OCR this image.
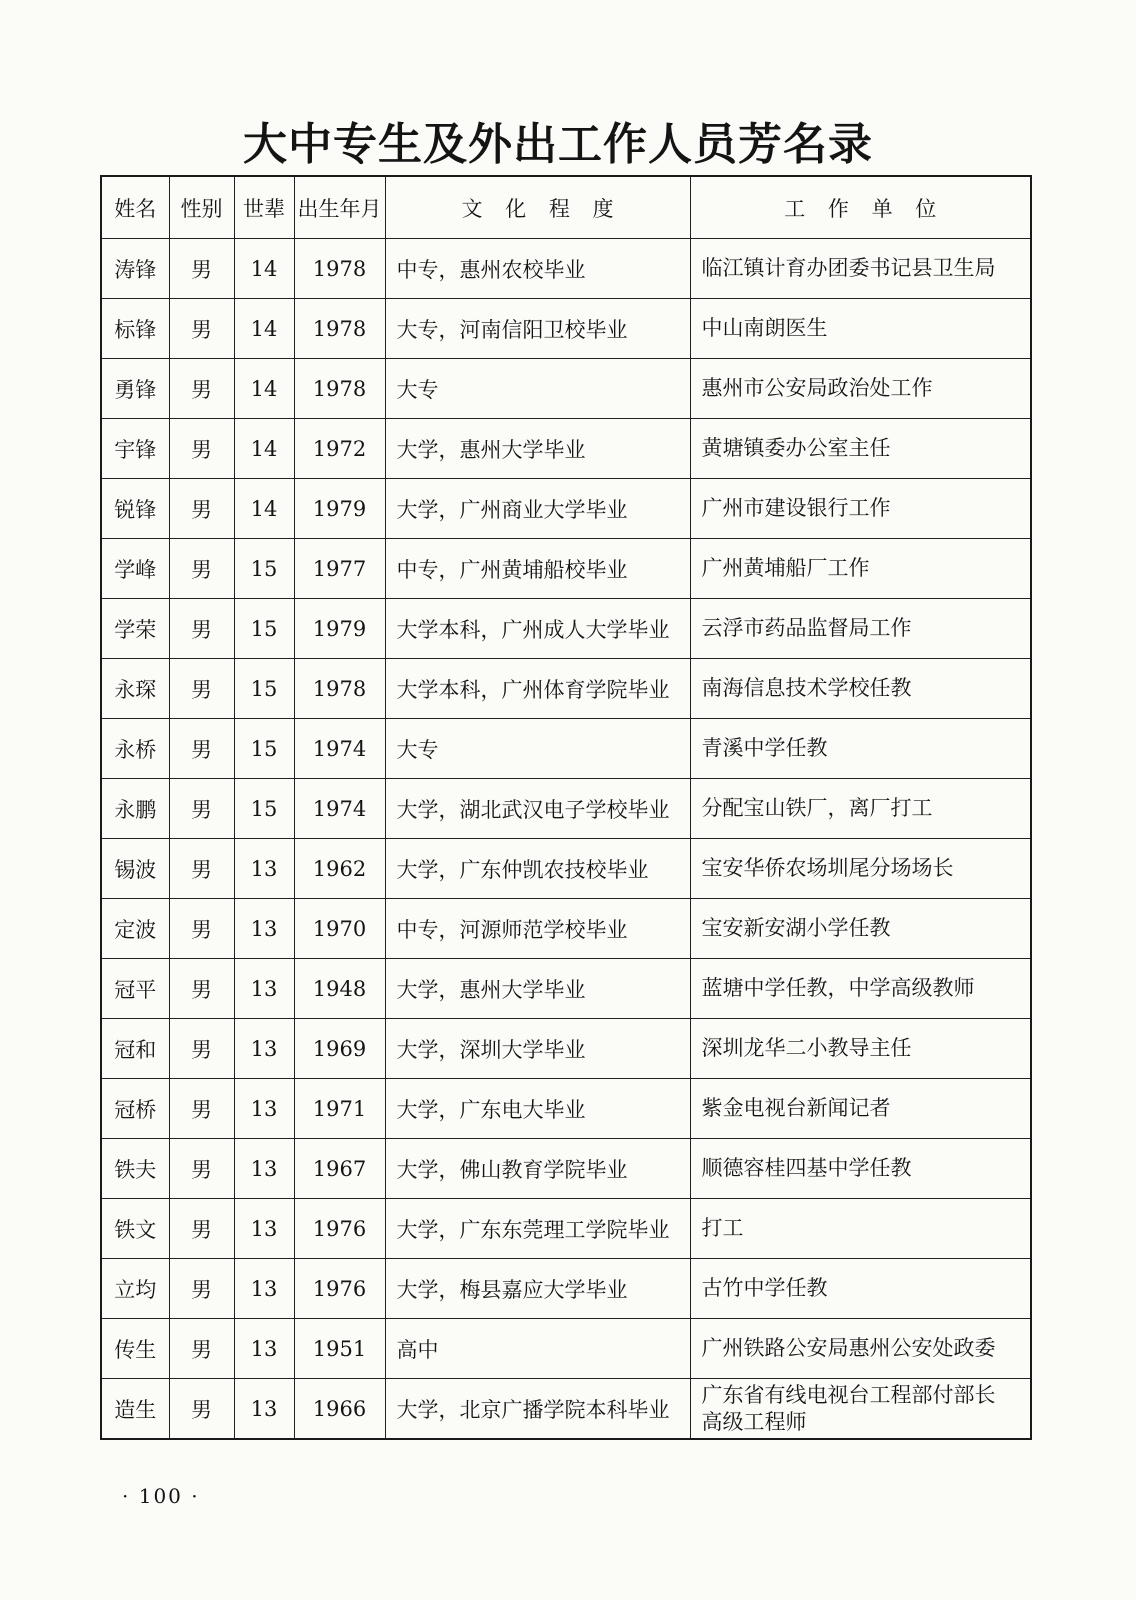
大中专生及外出工作人员芳名录
姓名	性别	世辈	出生年月	文 化 程 度	工 作 单 位
涛锋	男	14	1978	中专，惠州农校毕业	临江镇计育办团委书记县卫生局
标锋	男	14	1978	大专，河南信阳卫校毕业	中山南朗医生
勇锋	男	14	1978	大专	惠州市公安局政治处工作
宇锋	男	14	1972	大学，惠州大学毕业	黄塘镇委办公室主任
锐锋	男	14	1979	大学，广州商业大学毕业	广州市建设银行工作
学峰	男	15	1977	中专，广州黄埔船校毕业	广州黄埔船厂工作
学荣	男	15	1979	大学本科，广州成人大学毕业	云浮市药品监督局工作
永琛	男	15	1978	大学本科，广州体育学院毕业	南海信息技术学校任教
永桥	男	15	1974	大专	青溪中学任教
永鹏	男	15	1974	大学，湖北武汉电子学校毕业	分配宝山铁厂，离厂打工
锡波	男	13	1962	大学，广东仲凯农技校毕业	宝安华侨农场圳尾分场场长
定波	男	13	1970	中专，河源师范学校毕业	宝安新安湖小学任教
冠平	男	13	1948	大学，惠州大学毕业	蓝塘中学任教，中学高级教师
冠和	男	13	1969	大学，深圳大学毕业	深圳龙华二小教导主任
冠桥	男	13	1971	大学，广东电大毕业	紫金电视台新闻记者
铁夫	男	13	1967	大学，佛山教育学院毕业	顺德容桂四基中学任教
铁文	男	13	1976	大学，广东东莞理工学院毕业	打工
立均	男	13	1976	大学，梅县嘉应大学毕业	古竹中学任教
传生	男	13	1951	高中	广州铁路公安局惠州公安处政委
造生	男	13	1966	大学，北京广播学院本科毕业	广东省有线电视台工程部付部长
高级工程师
· 100 ·
